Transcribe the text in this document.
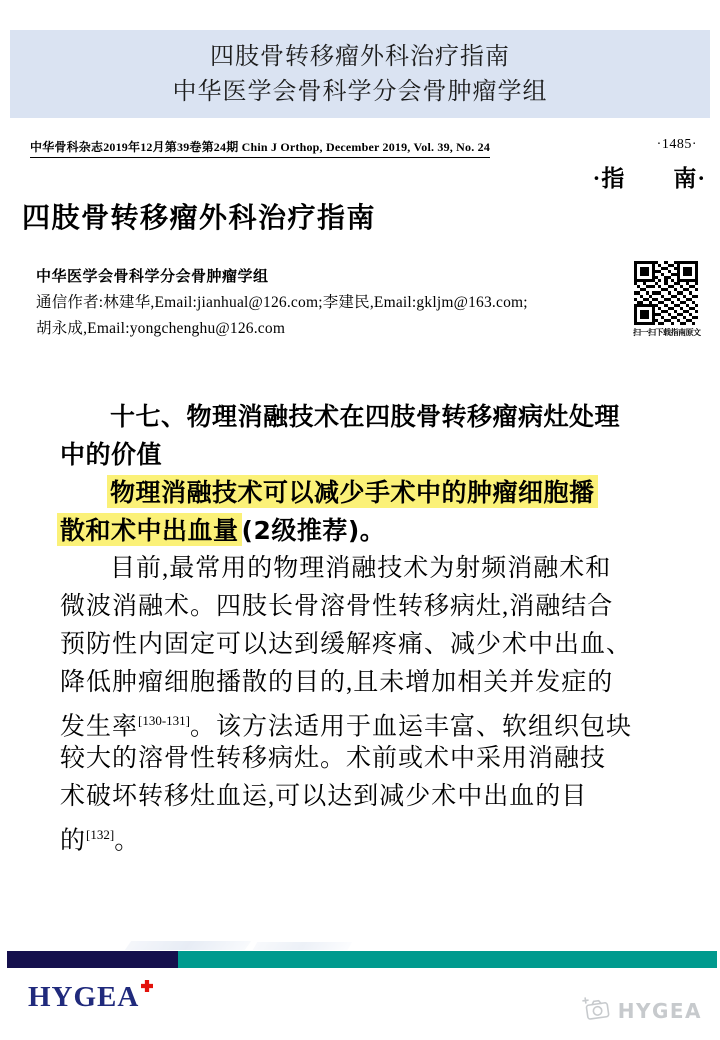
四肢骨转移瘤外科治疗指南
中华医学会骨科学分会骨肿瘤学组
中华骨科杂志2019年12月第39卷第24期 Chin J Orthop, December 2019, Vol. 39, No. 24	·1485·
·指　　南·
四肢骨转移瘤外科治疗指南
中华医学会骨科学分会骨肿瘤学组
通信作者:林建华,Email:jianhual@126.com;李建民,Email:gkljm@163.com;
胡永成,Email:yongchenghu@126.com	扫一扫下载指南原文
十七、物理消融技术在四肢骨转移瘤病灶处理
中的价值
物理消融技术可以减少手术中的肿瘤细胞播
散和术中出血量 (2级推荐)。
目前,最常用的物理消融技术为射频消融术和
微波消融术。四肢长骨溶骨性转移病灶,消融结合
预防性内固定可以达到缓解疼痛、减少术中出血、
降低肿瘤细胞播散的目的,且未增加相关并发症的
发生率[130-131]。该方法适用于血运丰富、软组织包块
较大的溶骨性转移病灶。术前或术中采用消融技
术破坏转移灶血运,可以达到减少术中出血的目
的[132]。
HYGEA	HYGEA
